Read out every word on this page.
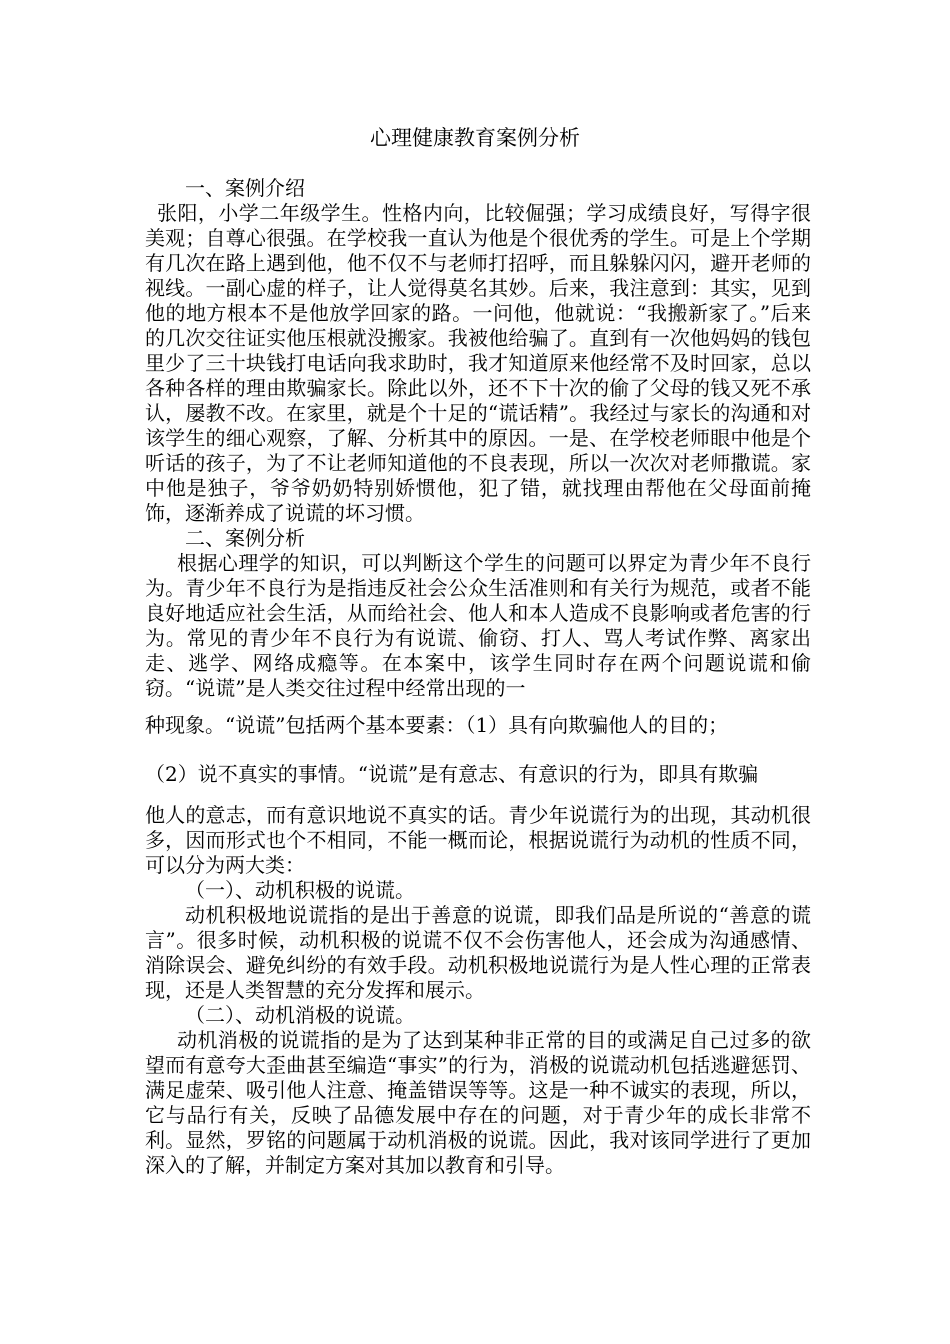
心理健康教育案例分析

一、案例介绍

张阳，小学二年级学生。性格内向，比较倔强；学习成绩良好，写得字很美观；自尊心很强。在学校我一直认为他是个很优秀的学生。可是上个学期有几次在路上遇到他，他不仅不与老师打招呼，而且躲躲闪闪，避开老师的视线。一副心虚的样子，让人觉得莫名其妙。后来，我注意到：其实，见到他的地方根本不是他放学回家的路。一问他，他就说：“我搬新家了。”后来的几次交往证实他压根就没搬家。我被他给骗了。直到有一次他妈妈的钱包里少了三十块钱打电话向我求助时，我才知道原来他经常不及时回家，总以各种各样的理由欺骗家长。除此以外，还不下十次的偷了父母的钱又死不承认，屡教不改。在家里，就是个十足的“谎话精”。我经过与家长的沟通和对该学生的细心观察，了解、分析其中的原因。一是、在学校老师眼中他是个听话的孩子，为了不让老师知道他的不良表现，所以一次次对老师撒谎。家中他是独子，爷爷奶奶特别娇惯他，犯了错，就找理由帮他在父母面前掩饰，逐渐养成了说谎的坏习惯。

二、案例分析

根据心理学的知识，可以判断这个学生的问题可以界定为青少年不良行为。青少年不良行为是指违反社会公众生活准则和有关行为规范，或者不能良好地适应社会生活，从而给社会、他人和本人造成不良影响或者危害的行为。常见的青少年不良行为有说谎、偷窃、打人、骂人考试作弊、离家出走、逃学、网络成瘾等。在本案中，该学生同时存在两个问题说谎和偷窃。“说谎”是人类交往过程中经常出现的一

种现象。“说谎”包括两个基本要素：（1）具有向欺骗他人的目的；

（2）说不真实的事情。“说谎”是有意志、有意识的行为，即具有欺骗

他人的意志，而有意识地说不真实的话。青少年说谎行为的出现，其动机很多，因而形式也个不相同，不能一概而论，根据说谎行为动机的性质不同，可以分为两大类：

（一）、动机积极的说谎。

动机积极地说谎指的是出于善意的说谎，即我们品是所说的“善意的谎言”。很多时候，动机积极的说谎不仅不会伤害他人，还会成为沟通感情、消除误会、避免纠纷的有效手段。动机积极地说谎行为是人性心理的正常表现，还是人类智慧的充分发挥和展示。

（二）、动机消极的说谎。

动机消极的说谎指的是为了达到某种非正常的目的或满足自己过多的欲望而有意夸大歪曲甚至编造“事实”的行为，消极的说谎动机包括逃避惩罚、满足虚荣、吸引他人注意、掩盖错误等等。这是一种不诚实的表现，所以，它与品行有关，反映了品德发展中存在的问题，对于青少年的成长非常不利。显然，罗铭的问题属于动机消极的说谎。因此，我对该同学进行了更加深入的了解，并制定方案对其加以教育和引导。
